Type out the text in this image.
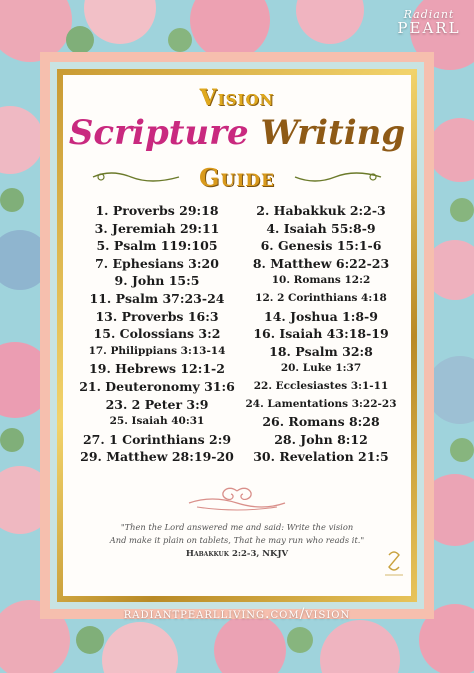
Radiant
PEARL
Vision
Scripture Writing
Guide
1. Proverbs 29:18
3. Jeremiah 29:11
5. Psalm 119:105
7. Ephesians 3:20
9. John 15:5
11. Psalm 37:23-24
13. Proverbs 16:3
15. Colossians 3:2
17. Philippians 3:13-14
19. Hebrews 12:1-2
21. Deuteronomy 31:6
23. 2 Peter 3:9
25. Isaiah 40:31
27. 1 Corinthians 2:9
29. Matthew 28:19-20
2. Habakkuk 2:2-3
4. Isaiah 55:8-9
6. Genesis 15:1-6
8. Matthew 6:22-23
10. Romans 12:2
12. 2 Corinthians 4:18
14. Joshua 1:8-9
16. Isaiah 43:18-19
18. Psalm 32:8
20. Luke 1:37
22. Ecclesiastes 3:1-11
24. Lamentations 3:22-23
26. Romans 8:28
28. John 8:12
30. Revelation 21:5
"Then the Lord answered me and said: Write the vision
And make it plain on tablets, That he may run who reads it."
Habakkuk 2:2-3, NKJV
radiantpearlliving.com/vision
